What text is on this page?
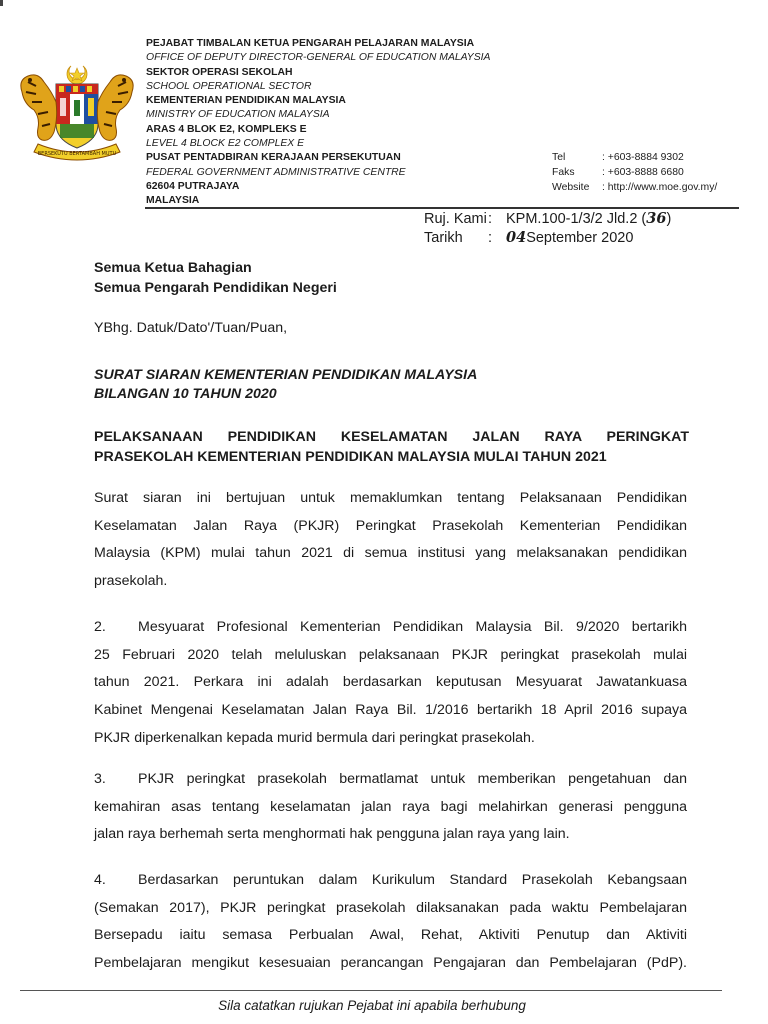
BERSEKUTU BERTAMBAH MUTU
PEJABAT TIMBALAN KETUA PENGARAH PELAJARAN MALAYSIA
OFFICE OF DEPUTY DIRECTOR-GENERAL OF EDUCATION MALAYSIA
SEKTOR OPERASI SEKOLAH
SCHOOL OPERATIONAL SECTOR
KEMENTERIAN PENDIDIKAN MALAYSIA
MINISTRY OF EDUCATION MALAYSIA
ARAS 4 BLOK E2, KOMPLEKS E
LEVEL 4 BLOCK E2 COMPLEX E
PUSAT PENTADBIRAN KERAJAAN PERSEKUTUAN
FEDERAL GOVERNMENT ADMINISTRATIVE CENTRE
62604 PUTRAJAYA
MALAYSIA
Tel	: +603-8884 9302
Faks	: +603-8888 6680
Website	: http://www.moe.gov.my/
Ruj. Kami : KPM.100-1/3/2 Jld.2 ( 36 )
Tarikh	: 04 September 2020
Semua Ketua Bahagian
Semua Pengarah Pendidikan Negeri
YBhg. Datuk/Dato'/Tuan/Puan,
SURAT SIARAN KEMENTERIAN PENDIDIKAN MALAYSIA
BILANGAN 10 TAHUN 2020
PELAKSANAAN PENDIDIKAN KESELAMATAN JALAN RAYA PERINGKAT
PRASEKOLAH KEMENTERIAN PENDIDIKAN MALAYSIA MULAI TAHUN 2021
Surat siaran ini bertujuan untuk memaklumkan tentang Pelaksanaan Pendidikan
Keselamatan Jalan Raya (PKJR) Peringkat Prasekolah Kementerian Pendidikan
Malaysia (KPM) mulai tahun 2021 di semua institusi yang melaksanakan pendidikan
prasekolah.
2. Mesyuarat Profesional Kementerian Pendidikan Malaysia Bil. 9/2020 bertarikh
25 Februari 2020 telah meluluskan pelaksanaan PKJR peringkat prasekolah mulai
tahun 2021. Perkara ini adalah berdasarkan keputusan Mesyuarat Jawatankuasa
Kabinet Mengenai Keselamatan Jalan Raya Bil. 1/2016 bertarikh 18 April 2016 supaya
PKJR diperkenalkan kepada murid bermula dari peringkat prasekolah.
3. PKJR peringkat prasekolah bermatlamat untuk memberikan pengetahuan dan
kemahiran asas tentang keselamatan jalan raya bagi melahirkan generasi pengguna
jalan raya berhemah serta menghormati hak pengguna jalan raya yang lain.
4. Berdasarkan peruntukan dalam Kurikulum Standard Prasekolah Kebangsaan
(Semakan 2017), PKJR peringkat prasekolah dilaksanakan pada waktu Pembelajaran
Bersepadu iaitu semasa Perbualan Awal, Rehat, Aktiviti Penutup dan Aktiviti
Pembelajaran mengikut kesesuaian perancangan Pengajaran dan Pembelajaran (PdP).
Sila catatkan rujukan Pejabat ini apabila berhubung
